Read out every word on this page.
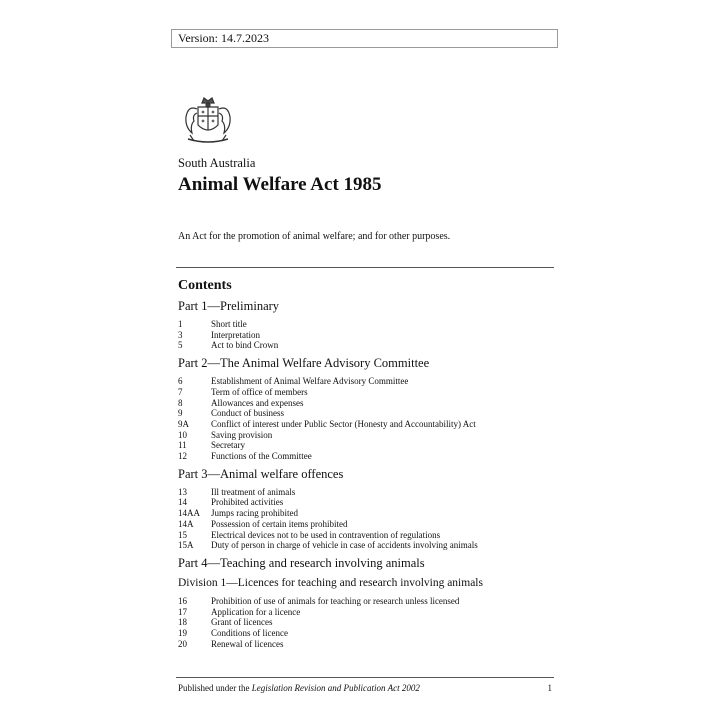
Version: 14.7.2023
South Australia
Animal Welfare Act 1985
An Act for the promotion of animal welfare; and for other purposes.
Contents
Part 1—Preliminary
1	Short title
3	Interpretation
5	Act to bind Crown
Part 2—The Animal Welfare Advisory Committee
6	Establishment of Animal Welfare Advisory Committee
7	Term of office of members
8	Allowances and expenses
9	Conduct of business
9A	Conflict of interest under Public Sector (Honesty and Accountability) Act
10	Saving provision
11	Secretary
12	Functions of the Committee
Part 3—Animal welfare offences
13	Ill treatment of animals
14	Prohibited activities
14AA	Jumps racing prohibited
14A	Possession of certain items prohibited
15	Electrical devices not to be used in contravention of regulations
15A	Duty of person in charge of vehicle in case of accidents involving animals
Part 4—Teaching and research involving animals
Division 1—Licences for teaching and research involving animals
16	Prohibition of use of animals for teaching or research unless licensed
17	Application for a licence
18	Grant of licences
19	Conditions of licence
20	Renewal of licences
Published under the Legislation Revision and Publication Act 2002	1
